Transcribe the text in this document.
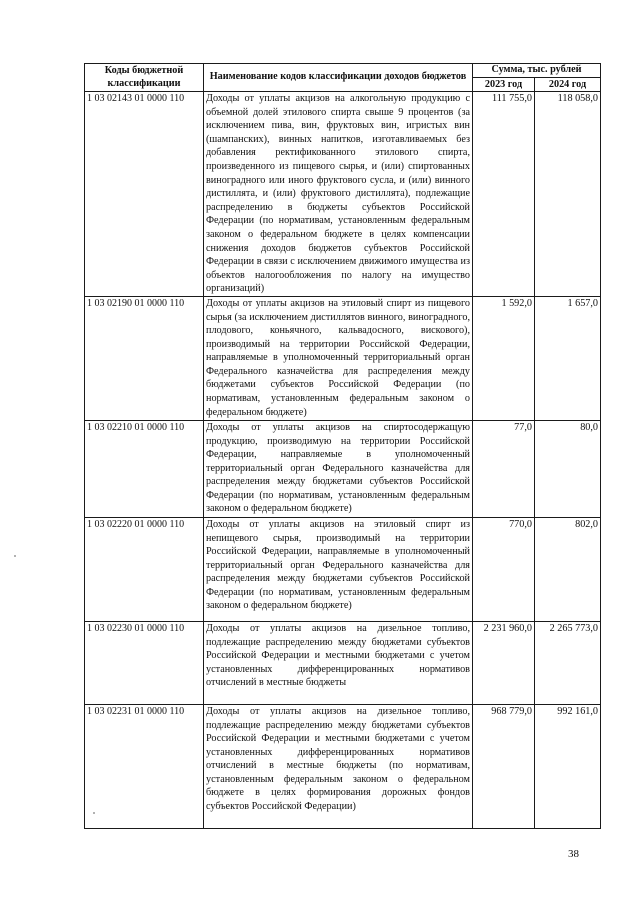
Коды бюджетной классификации	Наименование кодов классификации доходов бюджетов	Сумма, тыс. рублей	
		2023 год	2024 год
1 03 02143 01 0000 110	Доходы от уплаты акцизов на алкогольную продукцию с объемной долей этилового спирта свыше 9 процентов (за исключением пива, вин, фруктовых вин, игристых вин (шампанских), винных напитков, изготавливаемых без добавления ректификованного этилового спирта, произведенного из пищевого сырья, и (или) спиртованных виноградного или иного фруктового сусла, и (или) винного дистиллята, и (или) фруктового дистиллята), подлежащие распределению в бюджеты субъектов Российской Федерации (по нормативам, установленным федеральным законом о федеральном бюджете в целях компенсации снижения доходов бюджетов субъектов Российской Федерации в связи с исключением движимого имущества из объектов налогообложения по налогу на имущество организаций)	111 755,0	118 058,0
1 03 02190 01 0000 110	Доходы от уплаты акцизов на этиловый спирт из пищевого сырья (за исключением дистиллятов винного, виноградного, плодового, коньячного, кальвадосного, вискового), производимый на территории Российской Федерации, направляемые в уполномоченный территориальный орган Федерального казначейства для распределения между бюджетами субъектов Российской Федерации (по нормативам, установленным федеральным законом о федеральном бюджете)	1 592,0	1 657,0
1 03 02210 01 0000 110	Доходы от уплаты акцизов на спиртосодержащую продукцию, производимую на территории Российской Федерации, направляемые в уполномоченный территориальный орган Федерального казначейства для распределения между бюджетами субъектов Российской Федерации (по нормативам, установленным федеральным законом о федеральном бюджете)	77,0	80,0
1 03 02220 01 0000 110	Доходы от уплаты акцизов на этиловый спирт из непищевого сырья, производимый на территории Российской Федерации, направляемые в уполномоченный территориальный орган Федерального казначейства для распределения между бюджетами субъектов Российской Федерации (по нормативам, установленным федеральным законом о федеральном бюджете)	770,0	802,0
1 03 02230 01 0000 110	Доходы от уплаты акцизов на дизельное топливо, подлежащие распределению между бюджетами субъектов Российской Федерации и местными бюджетами с учетом установленных дифференцированных нормативов отчислений в местные бюджеты	2 231 960,0	2 265 773,0
1 03 02231 01 0000 110	Доходы от уплаты акцизов на дизельное топливо, подлежащие распределению между бюджетами субъектов Российской Федерации и местными бюджетами с учетом установленных дифференцированных нормативов отчислений в местные бюджеты (по нормативам, установленным федеральным законом о федеральном бюджете в целях формирования дорожных фондов субъектов Российской Федерации)	968 779,0	992 161,0
38
